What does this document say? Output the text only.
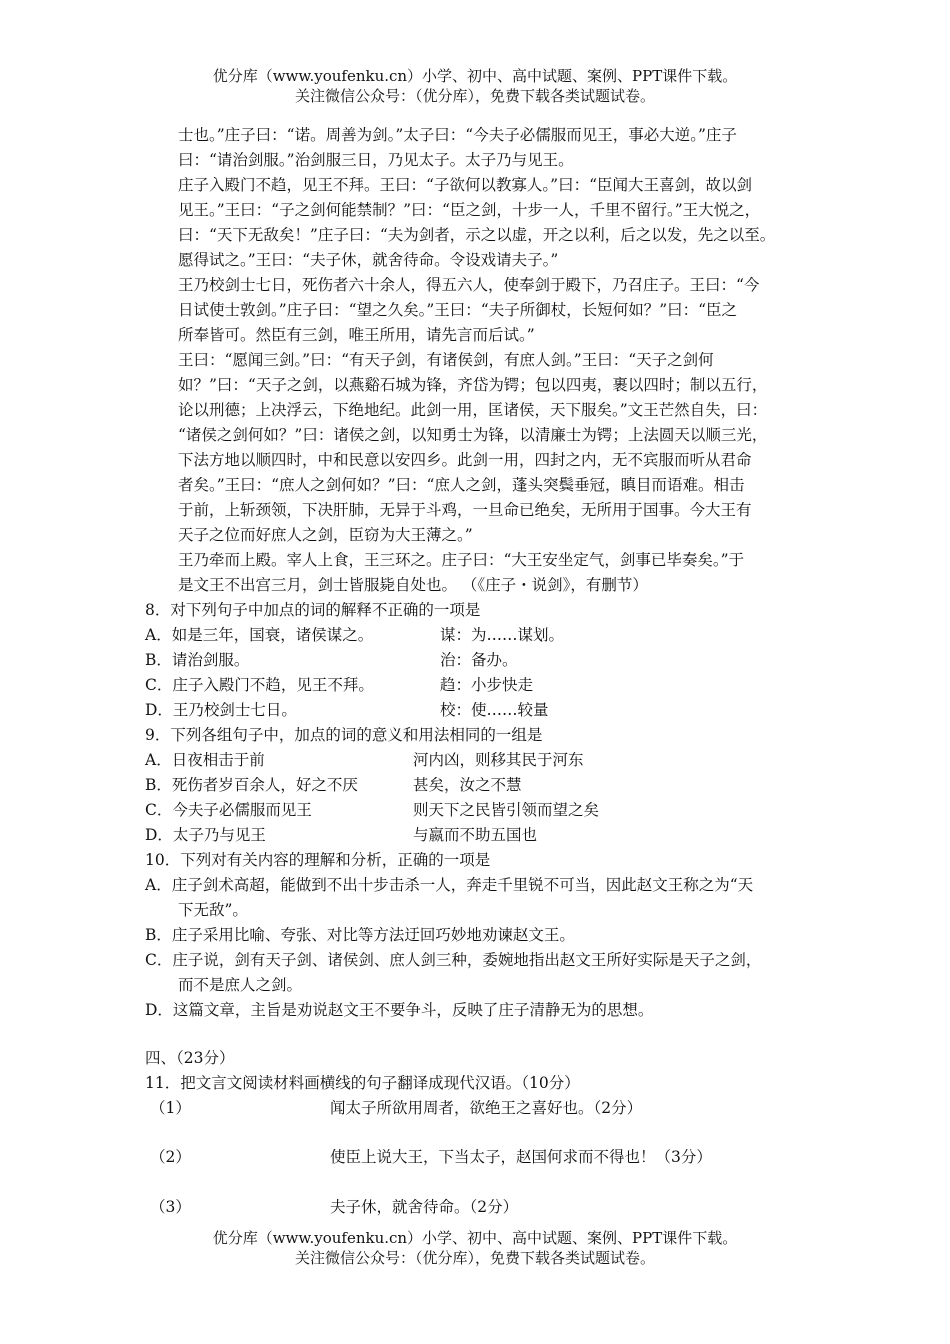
优分库（www.youfenku.cn）小学、初中、高中试题、案例、PPT课件下载。
关注微信公众号：（优分库），免费下载各类试题试卷。
士也。”庄子曰：“诺。周善为剑。”太子曰：“今夫子必儒服而见王，事必大逆。”庄子
曰：“请治剑服。”治剑服三日，乃见太子。太子乃与见王。
庄子入殿门不趋，见王不拜。王曰：“子欲何以教寡人。”曰：“臣闻大王喜剑，故以剑
见王。”王曰：“子之剑何能禁制？”曰：“臣之剑，十步一人，千里不留行。”王大悦之，
曰：“天下无敌矣！”庄子曰：“夫为剑者，示之以虚，开之以利，后之以发，先之以至。
愿得试之。”王曰：“夫子休，就舍待命。令设戏请夫子。”
王乃校剑士七日，死伤者六十余人，得五六人，使奉剑于殿下，乃召庄子。王曰：“今
日试使士敦剑。”庄子曰：“望之久矣。”王曰：“夫子所御杖，长短何如？”曰：“臣之
所奉皆可。然臣有三剑，唯王所用，请先言而后试。”
王曰：“愿闻三剑。”曰：“有天子剑，有诸侯剑，有庶人剑。”王曰：“天子之剑何
如？”曰：“天子之剑，以燕谿石城为锋，齐岱为锷；包以四夷，裹以四时；制以五行，
论以刑德；上决浮云，下绝地纪。此剑一用，匡诸侯，天下服矣。”文王芒然自失，曰：
“诸侯之剑何如？”曰：诸侯之剑，以知勇士为锋，以清廉士为锷；上法圆天以顺三光，
下法方地以顺四时，中和民意以安四乡。此剑一用，四封之内，无不宾服而听从君命
者矣。”王曰：“庶人之剑何如？”曰：“庶人之剑，蓬头突鬓垂冠，瞋目而语难。相击
于前，上斩颈领，下决肝肺，无异于斗鸡，一旦命已绝矣，无所用于国事。今大王有
天子之位而好庶人之剑，臣窃为大王薄之。”
王乃牵而上殿。宰人上食，王三环之。庄子曰：“大王安坐定气，剑事已毕奏矣。”于
是文王不出宫三月，剑士皆服毙自处也。 （《庄子・说剑》，有删节）
8．对下列句子中加点的词的解释不正确的一项是
A．如是三年，国衰，诸侯谋之。	谋：为……谋划。
B．请治剑服。	治：备办。
C．庄子入殿门不趋，见王不拜。	趋：小步快走
D．王乃校剑士七日。	校：使……较量
9．下列各组句子中，加点的词的意义和用法相同的一组是
A．日夜相击于前	河内凶，则移其民于河东
B．死伤者岁百余人，好之不厌	甚矣，汝之不慧
C．今夫子必儒服而见王	则天下之民皆引领而望之矣
D．太子乃与见王	与嬴而不助五国也
10．下列对有关内容的理解和分析，正确的一项是
A．庄子剑术高超，能做到不出十步击杀一人，奔走千里锐不可当，因此赵文王称之为“天
下无敌”。
B．庄子采用比喻、夸张、对比等方法迂回巧妙地劝谏赵文王。
C．庄子说，剑有天子剑、诸侯剑、庶人剑三种，委婉地指出赵文王所好实际是天子之剑，
而不是庶人之剑。
D．这篇文章，主旨是劝说赵文王不要争斗，反映了庄子清静无为的思想。
四、（23分）
11．把文言文阅读材料画横线的句子翻译成现代汉语。（10分）
（1）	闻太子所欲用周者，欲绝王之喜好也。（2分）
（2）	使臣上说大王，下当太子，赵国何求而不得也！（3分）
（3）	夫子休，就舍待命。（2分）
优分库（www.youfenku.cn）小学、初中、高中试题、案例、PPT课件下载。
关注微信公众号：（优分库），免费下载各类试题试卷。
